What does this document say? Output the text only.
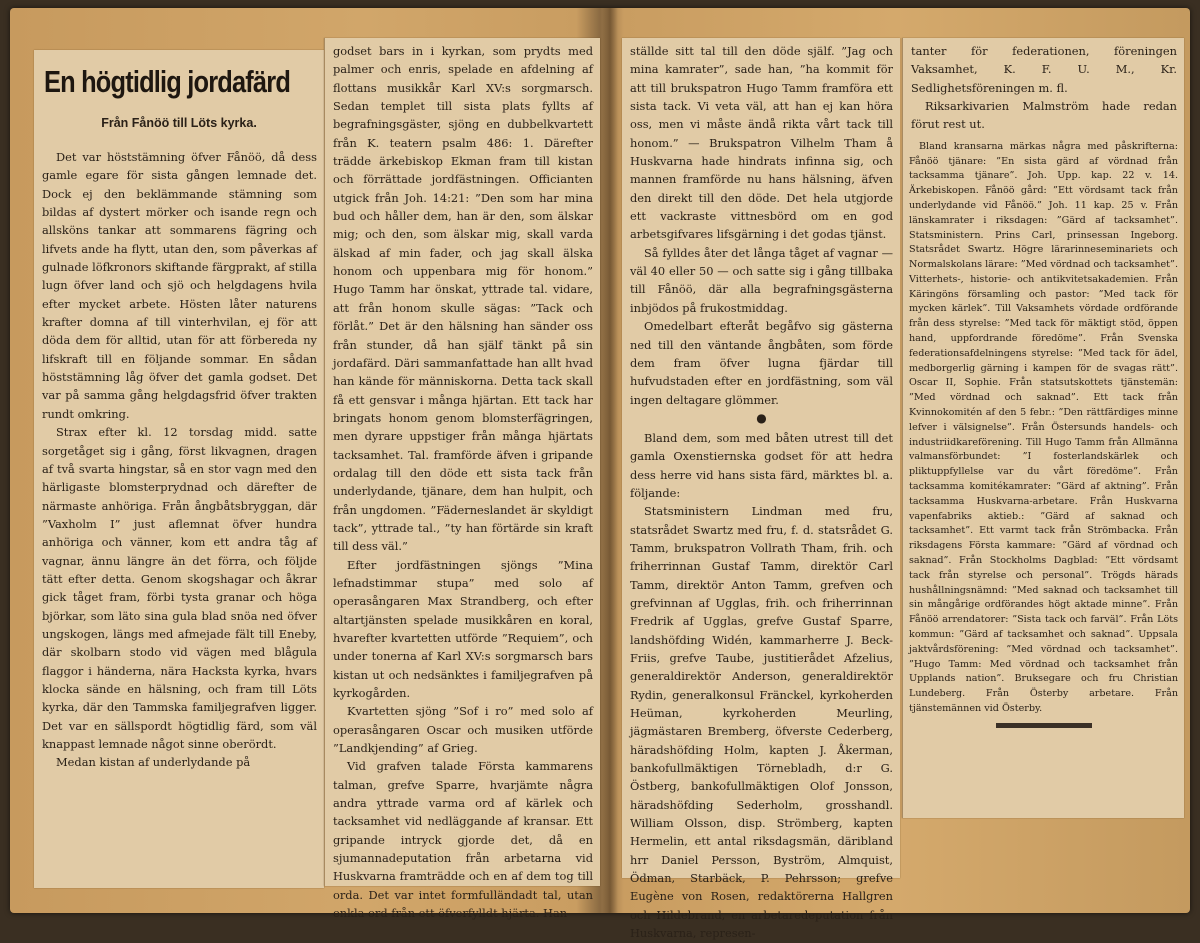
En högtidlig jordafärd
Från Fånöö till Löts kyrka.

Det var höststämning öfver Fånöö, då dess gamle egare för sista gången lemnade det. Dock ej den beklämmande stämning som bildas af dystert mörker och isande regn och allsköns tankar att sommarens fägring och lifvets ande ha flytt, utan den, som påverkas af gulnade löfkronors skiftande färgprakt, af stilla lugn öfver land och sjö och helgdagens hvila efter mycket arbete. Hösten låter naturens krafter domna af till vinterhvilan, ej för att döda dem för alltid, utan för att förbereda ny lifskraft till en följande sommar. En sådan höststämning låg öfver det gamla godset. Det var på samma gång helgdagsfrid öfver trakten rundt omkring.

Strax efter kl. 12 torsdag midd. satte sorgetåget sig i gång, först likvagnen, dragen af två svarta hingstar, så en stor vagn med den härligaste blomsterprydnad och därefter de närmaste anhöriga. Från ångbåtsbryggan, där ”Vaxholm I” just aflemnat öfver hundra anhöriga och vänner, kom ett andra tåg af vagnar, ännu längre än det förra, och följde tätt efter detta. Genom skogshagar och åkrar gick tåget fram, förbi tysta granar och höga björkar, som läto sina gula blad snöa ned öfver ungskogen, längs med afmejade fält till Eneby, där skolbarn stodo vid vägen med blågula flaggor i händerna, nära Hacksta kyrka, hvars klocka sände en hälsning, och fram till Löts kyrka, där den Tammska familjegrafven ligger. Det var en sällspordt högtidlig färd, som väl knappast lemnade något sinne oberördt.

Medan kistan af underlydande på

godset bars in i kyrkan, som prydts med palmer och enris, spelade en afdelning af flottans musikkår Karl XV:s sorgmarsch. Sedan templet till sista plats fyllts af begrafningsgäster, sjöng en dubbelkvartett från K. teatern psalm 486: 1. Därefter trädde ärkebiskop Ekman fram till kistan och förrättade jordfästningen. Officianten utgick från Joh. 14:21: ”Den som har mina bud och håller dem, han är den, som älskar mig; och den, som älskar mig, skall varda älskad af min fader, och jag skall älska honom och uppenbara mig för honom.” Hugo Tamm har önskat, yttrade tal. vidare, att från honom skulle sägas: ”Tack och förlåt.” Det är den hälsning han sänder oss från stunder, då han själf tänkt på sin jordafärd. Däri sammanfattade han allt hvad han kände för människorna. Detta tack skall få ett gensvar i många hjärtan. Ett tack har bringats honom genom blomsterfägringen, men dyrare uppstiger från många hjärtats tacksamhet. Tal. framförde äfven i gripande ordalag till den döde ett sista tack från underlydande, tjänare, dem han hulpit, och från ungdomen. ”Fäderneslandet är skyldigt tack”, yttrade tal., ”ty han förtärde sin kraft till dess väl.”

Efter jordfästningen sjöngs ”Mina lefnadstimmar stupa” med solo af operasångaren Max Strandberg, och efter altartjänsten spelade musikkåren en koral, hvarefter kvartetten utförde ”Requiem”, och under tonerna af Karl XV:s sorgmarsch bars kistan ut och nedsänktes i familjegrafven på kyrkogården.

Kvartetten sjöng ”Sof i ro” med solo af operasångaren Oscar och musiken utförde ”Landkjending” af Grieg.

Vid grafven talade Första kammarens talman, grefve Sparre, hvarjämte några andra yttrade varma ord af kärlek och tacksamhet vid nedläggande af kransar. Ett gripande intryck gjorde det, då en sjumannadeputation från arbetarna vid Huskvarna framträdde och en af dem tog till orda. Det var intet formfulländadt tal, utan enkla ord från ett öfverfylldt hjärta. Han

ställde sitt tal till den döde själf. ”Jag och mina kamrater”, sade han, ”ha kommit för att till brukspatron Hugo Tamm framföra ett sista tack. Vi veta väl, att han ej kan höra oss, men vi måste ändå rikta vårt tack till honom.” — Brukspatron Vilhelm Tham å Huskvarna hade hindrats infinna sig, och mannen framförde nu hans hälsning, äfven den direkt till den döde. Det hela utgjorde ett vackraste vittnesbörd om en god arbetsgifvares lifsgärning i det godas tjänst.

Så fylldes åter det långa tåget af vagnar — väl 40 eller 50 — och satte sig i gång tillbaka till Fånöö, där alla begrafningsgästerna inbjödos på frukostmiddag.

Omedelbart efteråt begåfvo sig gästerna ned till den väntande ångbåten, som förde dem fram öfver lugna fjärdar till hufvudstaden efter en jordfästning, som väl ingen deltagare glömmer.

●

Bland dem, som med båten utrest till det gamla Oxenstiernska godset för att hedra dess herre vid hans sista färd, märktes bl. a. följande:

Statsministern Lindman med fru, statsrådet Swartz med fru, f. d. statsrådet G. Tamm, brukspatron Vollrath Tham, frih. och friherrinnan Gustaf Tamm, direktör Carl Tamm, direktör Anton Tamm, grefven och grefvinnan af Ugglas, frih. och friherrinnan Fredrik af Ugglas, grefve Gustaf Sparre, landshöfding Widén, kammarherre J. Beck-Friis, grefve Taube, justitierådet Afzelius, generaldirektör Anderson, generaldirektör Rydin, generalkonsul Fränckel, kyrkoherden Heüman, kyrkoherden Meurling, jägmästaren Bremberg, öfverste Cederberg, häradshöfding Holm, kapten J. Åkerman, bankofullmäktigen Törnebladh, d:r G. Östberg, bankofullmäktigen Olof Jonsson, häradshöfding Sederholm, grosshandl. William Olsson, disp. Strömberg, kapten Hermelin, ett antal riksdagsmän, däribland hrr Daniel Persson, Byström, Almquist, Ödman, Starbäck, P. Pehrsson; grefve Eugène von Rosen, redaktörerna Hallgren och Hildebrand, en arbetaredeputation från Huskvarna, represen-

tanter för federationen, föreningen Vaksamhet, K. F. U. M., Kr. Sedlighetsföreningen m. fl.

Riksarkivarien Malmström hade redan förut rest ut.

Bland kransarna märkas några med påskrifterna: Fånöö tjänare: ”En sista gärd af vördnad från tacksamma tjänare”. Joh. Upp. kap. 22 v. 14. Ärkebiskopen. Fånöö gård: ”Ett vördsamt tack från underlydande vid Fånöö.” Joh. 11 kap. 25 v. Från länskamrater i riksdagen: ”Gärd af tacksamhet”. Statsministern. Prins Carl, prinsessan Ingeborg. Statsrådet Swartz. Högre lärarinneseminariets och Normalskolans lärare: ”Med vördnad och tacksamhet”. Vitterhets-, historie- och antikvitetsakademien. Från Käringöns församling och pastor: ”Med tack för mycken kärlek”. Till Vaksamhets vördade ordförande från dess styrelse: ”Med tack för mäktigt stöd, öppen hand, uppfordrande föredöme”. Från Svenska federationsafdelningens styrelse: ”Med tack för ädel, medborgerlig gärning i kampen för de svagas rätt”. Oscar II, Sophie. Från statsutskottets tjänstemän: ”Med vördnad och saknad”. Ett tack från Kvinnokomitén af den 5 febr.: ”Den rättfärdiges minne lefver i välsignelse”. Från Östersunds handels- och industriidkareförening. Till Hugo Tamm från Allmänna valmansförbundet: ”I fosterlandskärlek och pliktuppfyllelse var du vårt föredöme”. Från tacksamma komitékamrater: ”Gärd af aktning”. Från tacksamma Huskvarna-arbetare. Från Huskvarna vapenfabriks aktieb.: ”Gärd af saknad och tacksamhet”. Ett varmt tack från Strömbacka. Från riksdagens Första kammare: ”Gärd af vördnad och saknad”. Från Stockholms Dagblad: ”Ett vördsamt tack från styrelse och personal”. Trögds härads hushållningsnämnd: ”Med saknad och tacksamhet till sin mångårige ordförandes högt aktade minne”. Från Fånöö arrendatorer: ”Sista tack och farväl”. Från Löts kommun: ”Gärd af tacksamhet och saknad”. Uppsala jaktvårdsförening: ”Med vördnad och tacksamhet”. ”Hugo Tamm: Med vördnad och tacksamhet från Upplands nation”. Bruksegare och fru Christian Lundeberg. Från Österby arbetare. Från tjänstemännen vid Österby.
